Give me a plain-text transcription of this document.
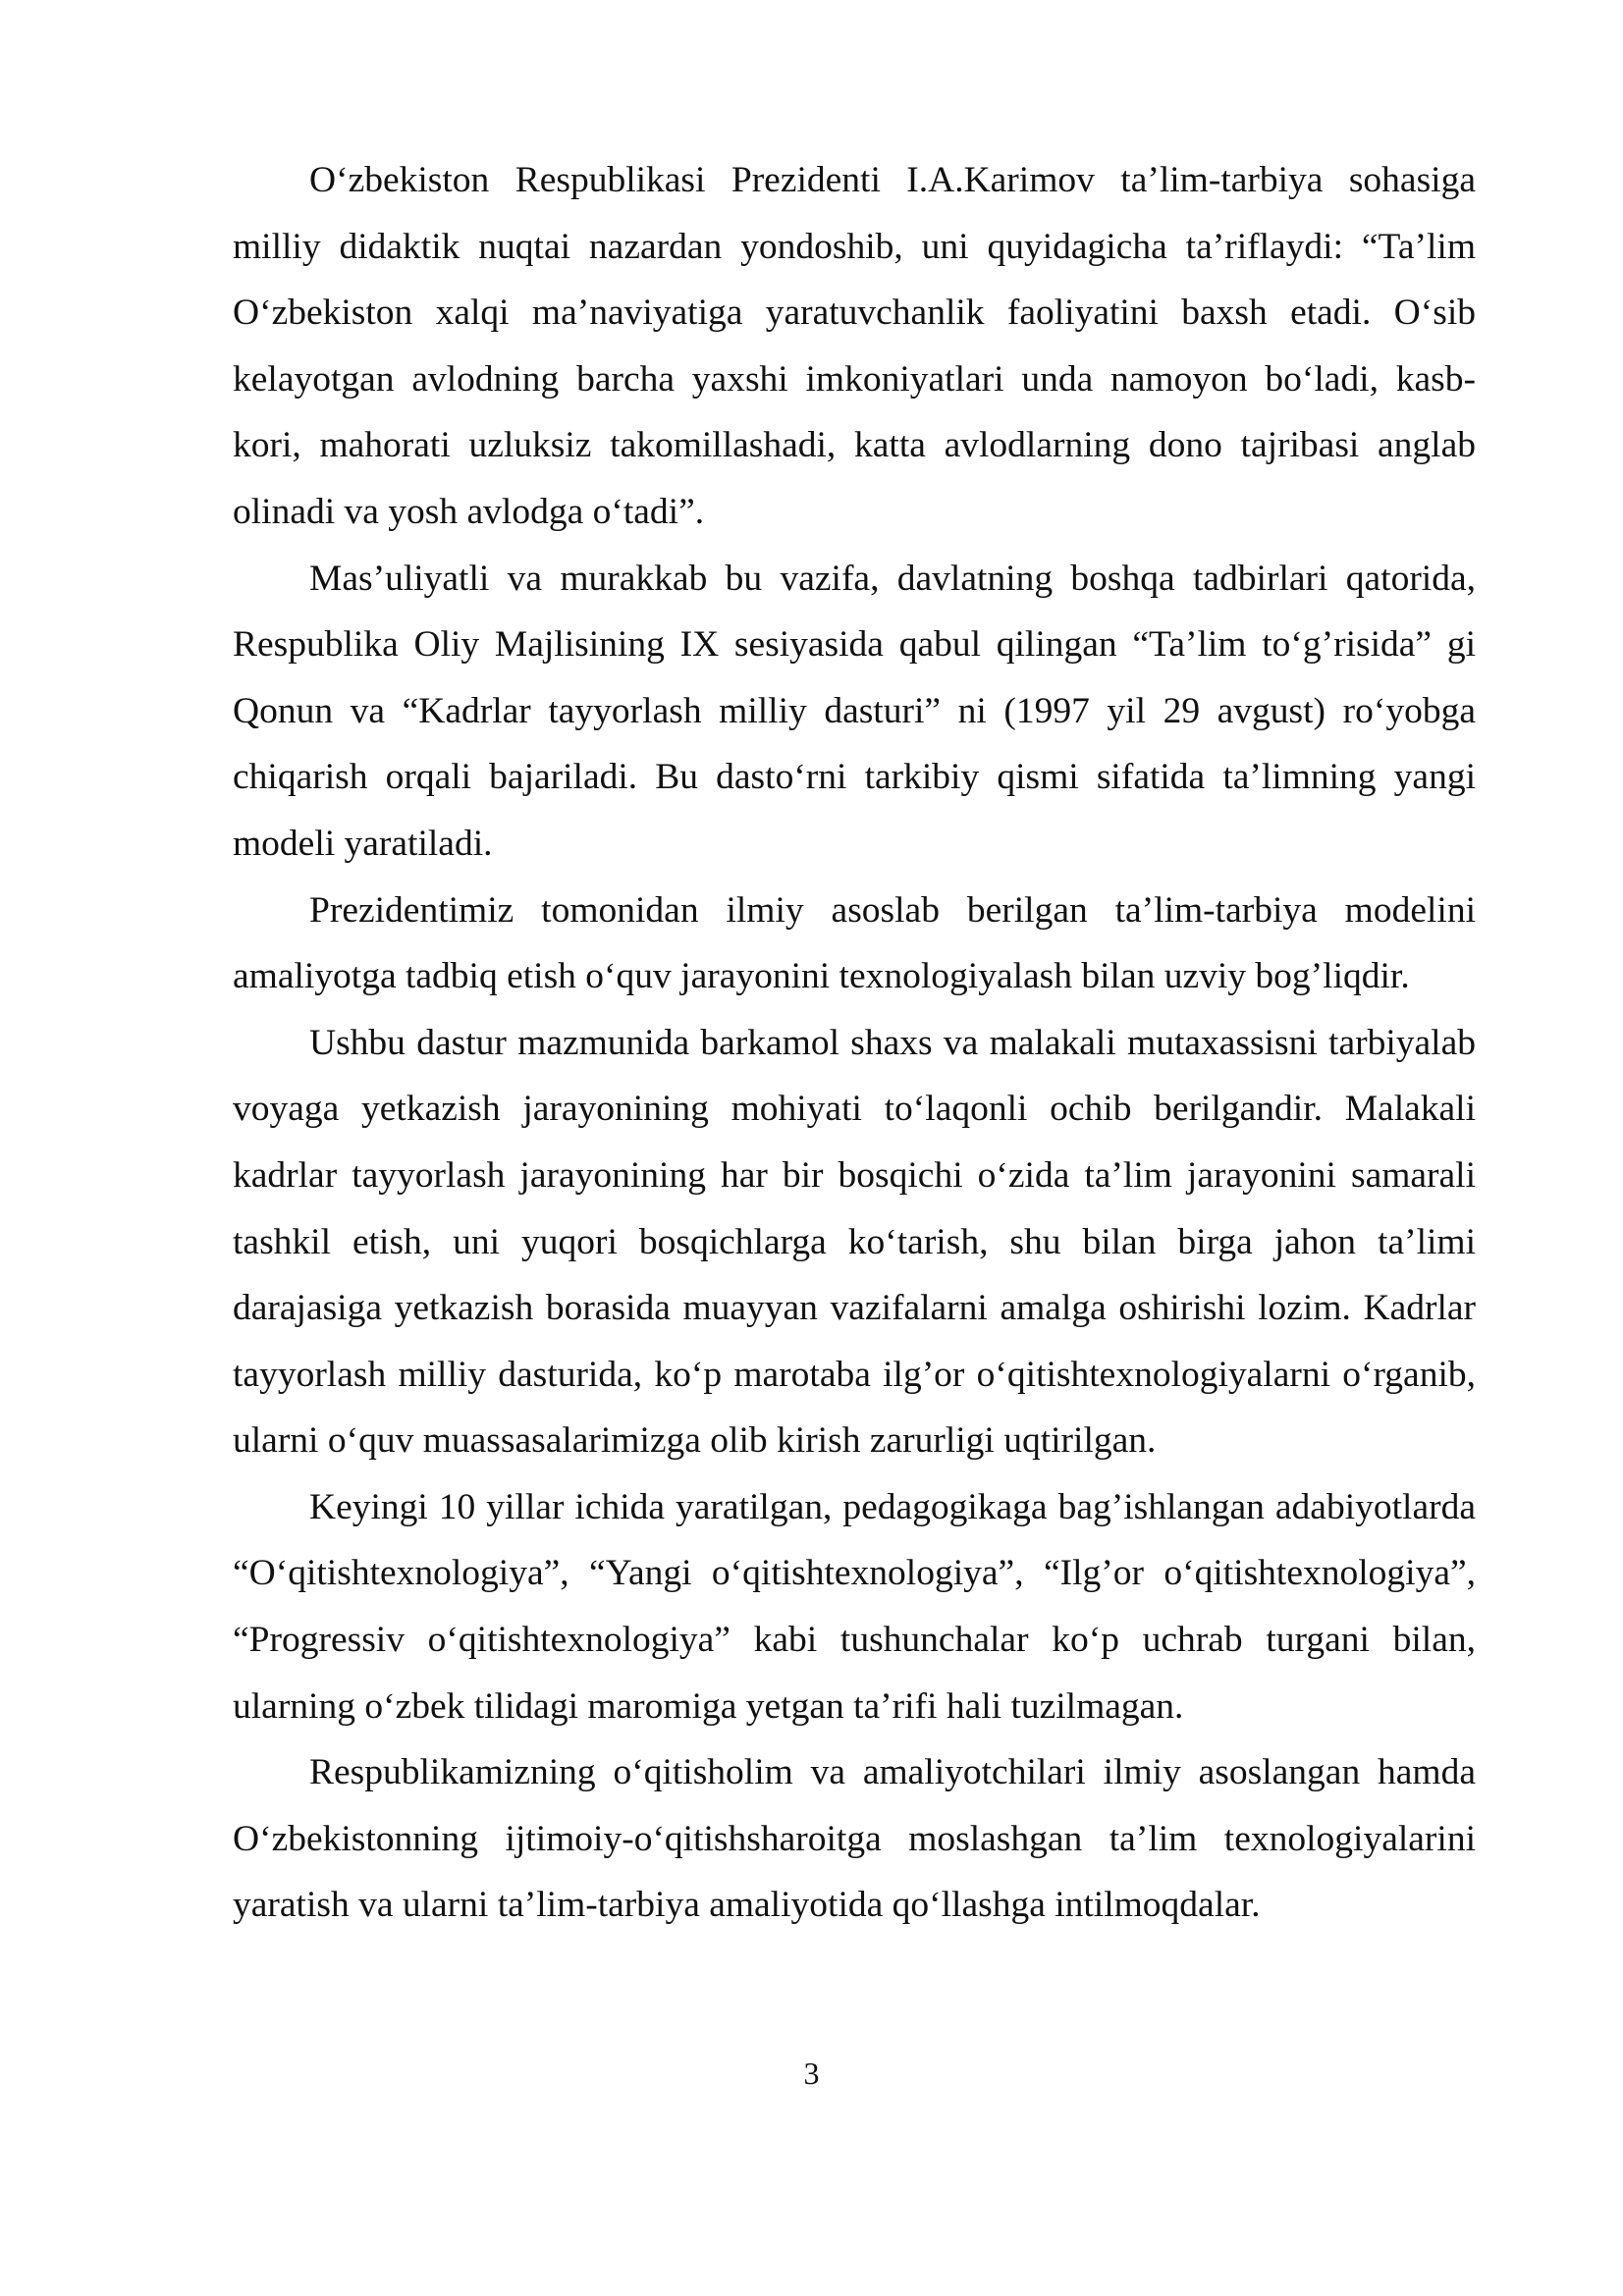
O‘zbekiston Respublikasi Prezidenti I.A.Karimov ta’lim-tarbiya sohasiga milliy didaktik nuqtai nazardan yondoshib, uni quyidagicha ta’riflaydi: “Ta’lim O‘zbekiston xalqi ma’naviyatiga yaratuvchanlik faoliyatini baxsh etadi. O‘sib kelayotgan avlodning barcha yaxshi imkoniyatlari unda namoyon bo‘ladi, kasb-kori, mahorati uzluksiz takomillashadi, katta avlodlarning dono tajribasi anglab olinadi va yosh avlodga o‘tadi”.

Mas’uliyatli va murakkab bu vazifa, davlatning boshqa tadbirlari qatorida, Respublika Oliy Majlisining IX sesiyasida qabul qilingan “Ta’lim to‘g’risida” gi Qonun va “Kadrlar tayyorlash milliy dasturi” ni (1997 yil 29 avgust) ro‘yobga chiqarish orqali bajariladi. Bu dasto‘rni tarkibiy qismi sifatida ta’limning yangi modeli yaratiladi.

Prezidentimiz tomonidan ilmiy asoslab berilgan ta’lim-tarbiya modelini amaliyotga tadbiq etish o‘quv jarayonini texnologiyalash bilan uzviy bog’liqdir.

Ushbu dastur mazmunida barkamol shaxs va malakali mutaxassisni tarbiyalab voyaga yetkazish jarayonining mohiyati to‘laqonli ochib berilgandir. Malakali kadrlar tayyorlash jarayonining har bir bosqichi o‘zida ta’lim jarayonini samarali tashkil etish, uni yuqori bosqichlarga ko‘tarish, shu bilan birga jahon ta’limi darajasiga yetkazish borasida muayyan vazifalarni amalga oshirishi lozim. Kadrlar tayyorlash milliy dasturida, ko‘p marotaba ilg’or o‘qitishtexnologiyalarni o‘rganib, ularni o‘quv muassasalarimizga olib kirish zarurligi uqtirilgan.

Keyingi 10 yillar ichida yaratilgan, pedagogikaga bag’ishlangan adabiyotlarda “O‘qitishtexnologiya”, “Yangi o‘qitishtexnologiya”, “Ilg’or o‘qitishtexnologiya”, “Progressiv o‘qitishtexnologiya” kabi tushunchalar ko‘p uchrab turgani bilan, ularning o‘zbek tilidagi maromiga yetgan ta’rifi hali tuzilmagan.

Respublikamizning o‘qitisholim va amaliyotchilari ilmiy asoslangan hamda O‘zbekistonning ijtimoiy-o‘qitishsharoitga moslashgan ta’lim texnologiyalarini yaratish va ularni ta’lim-tarbiya amaliyotida qo‘llashga intilmoqdalar.

3
